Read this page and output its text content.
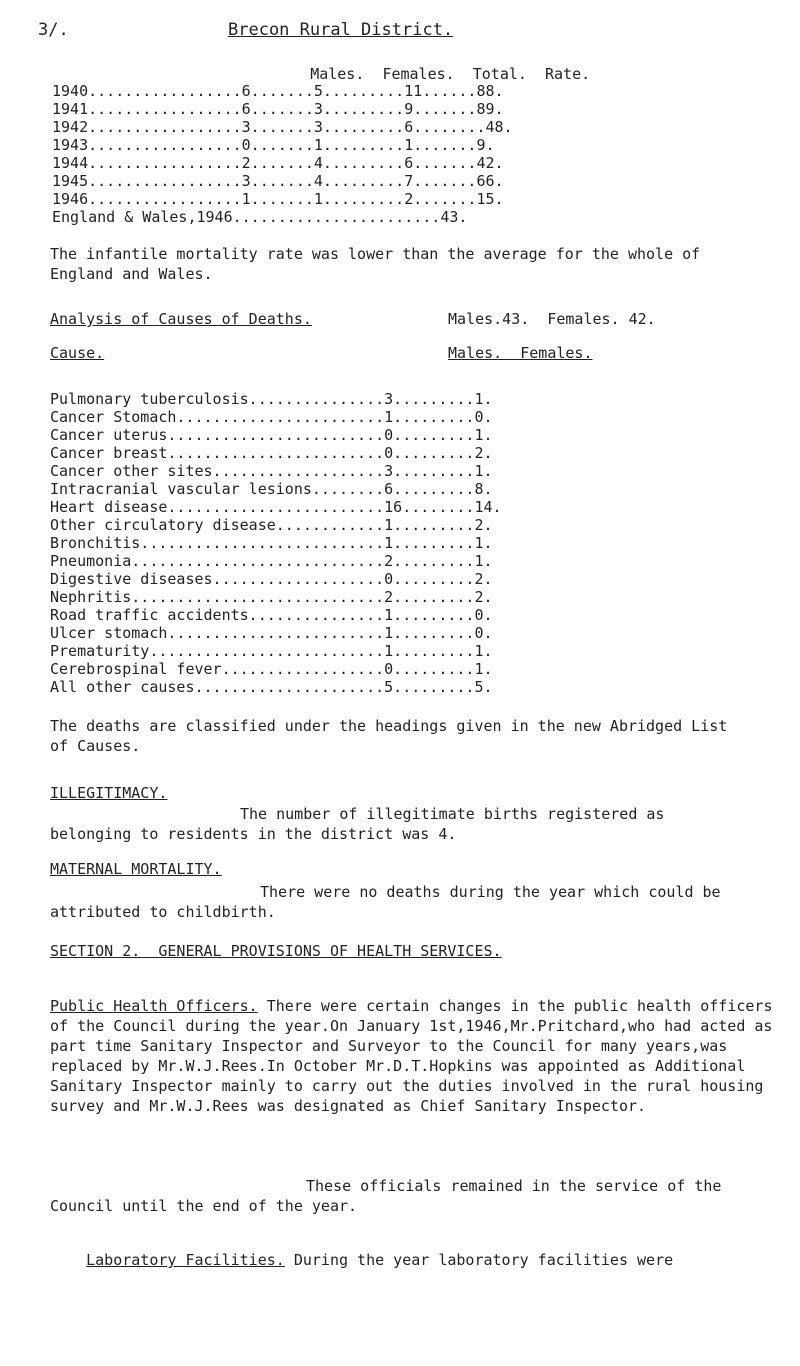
3/.	Brecon Rural District.

Males. Females. Total. Rate.

1940.................6.......5.........11......88.
1941.................6.......3.........9.......89.
1942.................3.......3.........6........48.
1943.................0.......1.........1.......9.
1944.................2.......4.........6.......42.
1945.................3.......4.........7.......66.
1946.................1.......1.........2.......15.
England & Wales,1946.......................43.
The infantile mortality rate was lower than the average for the whole of England and Wales.
Analysis of Causes of Deaths.	Males.43.  Females. 42.
Cause.	Males.  Females.
Pulmonary tuberculosis...............3.........1.
Cancer Stomach.......................1.........0.
Cancer uterus........................0.........1.
Cancer breast........................0.........2.
Cancer other sites...................3.........1.
Intracranial vascular lesions........6.........8.
Heart disease........................16........14.
Other circulatory disease............1.........2.
Bronchitis...........................1.........1.
Pneumonia............................2.........1.
Digestive diseases...................0.........2.
Nephritis............................2.........2.
Road traffic accidents...............1.........0.
Ulcer stomach........................1.........0.
Prematurity..........................1.........1.
Cerebrospinal fever..................0.........1.
All other causes.....................5.........5.
The deaths are classified under the headings given in the new Abridged List of Causes.
ILLEGITIMACY.
The number of illegitimate births registered as belonging to residents in the district was 4.
MATERNAL MORTALITY.
There were no deaths during the year which could be attributed to childbirth.
SECTION 2.  GENERAL PROVISIONS OF HEALTH SERVICES.
Public Health Officers. There were certain changes in the public health officers of the Council during the year.On January 1st,1946,Mr.Pritchard,who had acted as part time Sanitary Inspector and Surveyor to the Council for many years,was replaced by Mr.W.J.Rees.In October Mr.D.T.Hopkins was appointed as Additional Sanitary Inspector mainly to carry out the duties involved in the rural housing survey and Mr.W.J.Rees was designated as Chief Sanitary Inspector.
These officials remained in the service of the Council until the end of the year.

Laboratory Facilities. During the year laboratory facilities were
